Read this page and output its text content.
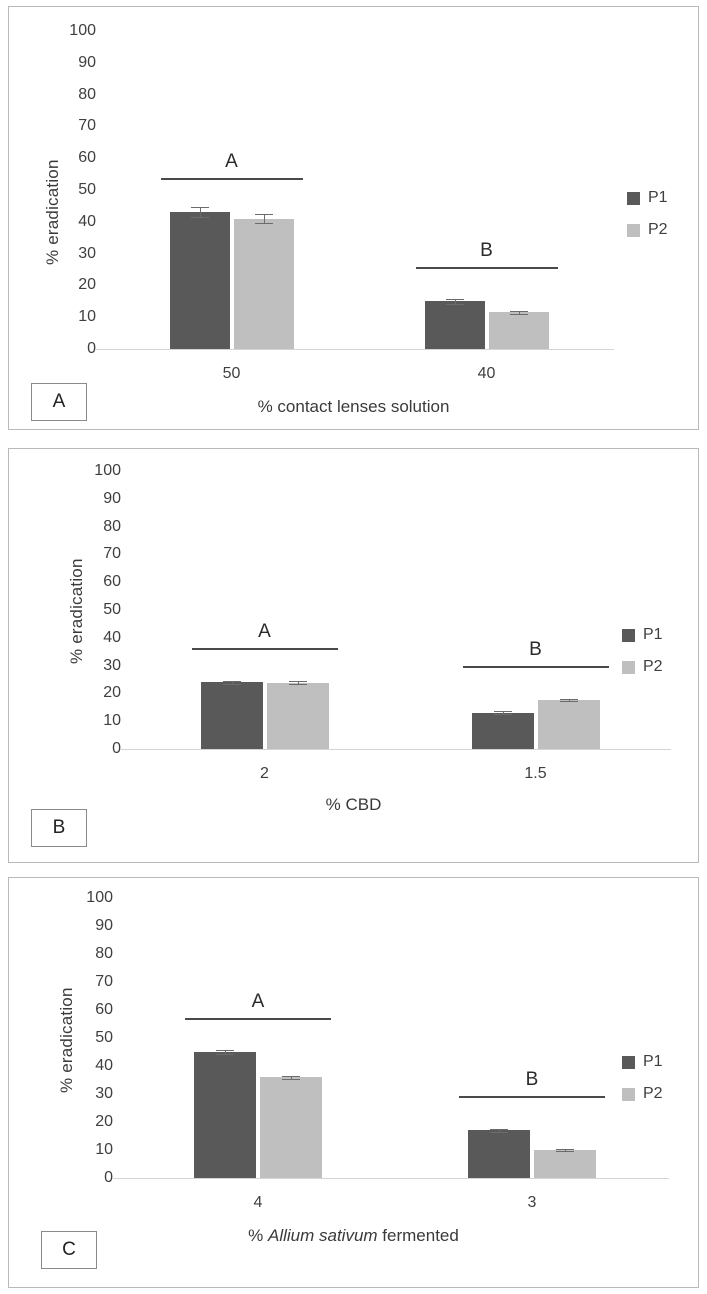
0
10
20
30
40
50
60
70
80
90
100
% eradication
50
A
40
B
% contact lenses solution
P1
P2
A
0
10
20
30
40
50
60
70
80
90
100
% eradication
2
A
1.5
B
% CBD
P1
P2
B
0
10
20
30
40
50
60
70
80
90
100
% eradication
4
A
3
B
% Allium sativum fermented
P1
P2
C
